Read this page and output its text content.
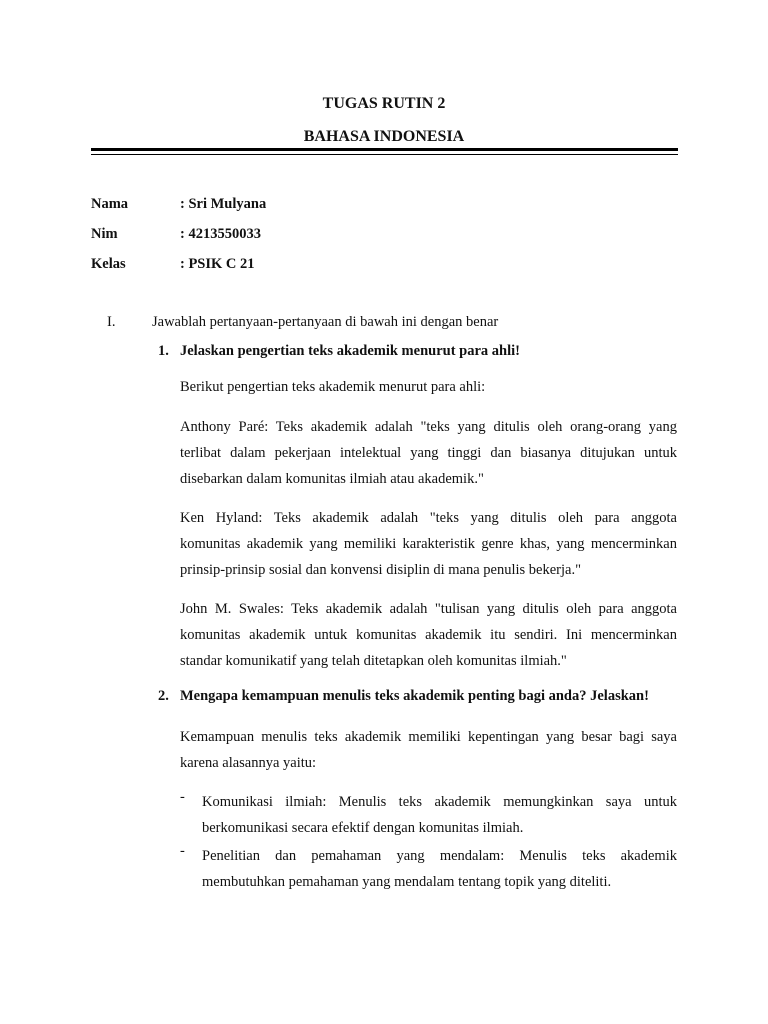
TUGAS RUTIN 2
BAHASA INDONESIA
Nama	: Sri Mulyana
Nim	: 4213550033
Kelas	: PSIK C 21
I.	Jawablah pertanyaan-pertanyaan di bawah ini dengan benar
1. Jelaskan pengertian teks akademik menurut para ahli!
Berikut pengertian teks akademik menurut para ahli:
Anthony Paré: Teks akademik adalah "teks yang ditulis oleh orang-orang yang
terlibat dalam pekerjaan intelektual yang tinggi dan biasanya ditujukan untuk
disebarkan dalam komunitas ilmiah atau akademik."
Ken Hyland: Teks akademik adalah "teks yang ditulis oleh para anggota
komunitas akademik yang memiliki karakteristik genre khas, yang mencerminkan
prinsip-prinsip sosial dan konvensi disiplin di mana penulis bekerja."
John M. Swales: Teks akademik adalah "tulisan yang ditulis oleh para anggota
komunitas akademik untuk komunitas akademik itu sendiri. Ini mencerminkan
standar komunikatif yang telah ditetapkan oleh komunitas ilmiah."
2. Mengapa kemampuan menulis teks akademik penting bagi anda? Jelaskan!
Kemampuan menulis teks akademik memiliki kepentingan yang besar bagi saya
karena alasannya yaitu:
- Komunikasi ilmiah: Menulis teks akademik memungkinkan saya untuk
berkomunikasi secara efektif dengan komunitas ilmiah.
- Penelitian dan pemahaman yang mendalam: Menulis teks akademik
membutuhkan pemahaman yang mendalam tentang topik yang diteliti.
